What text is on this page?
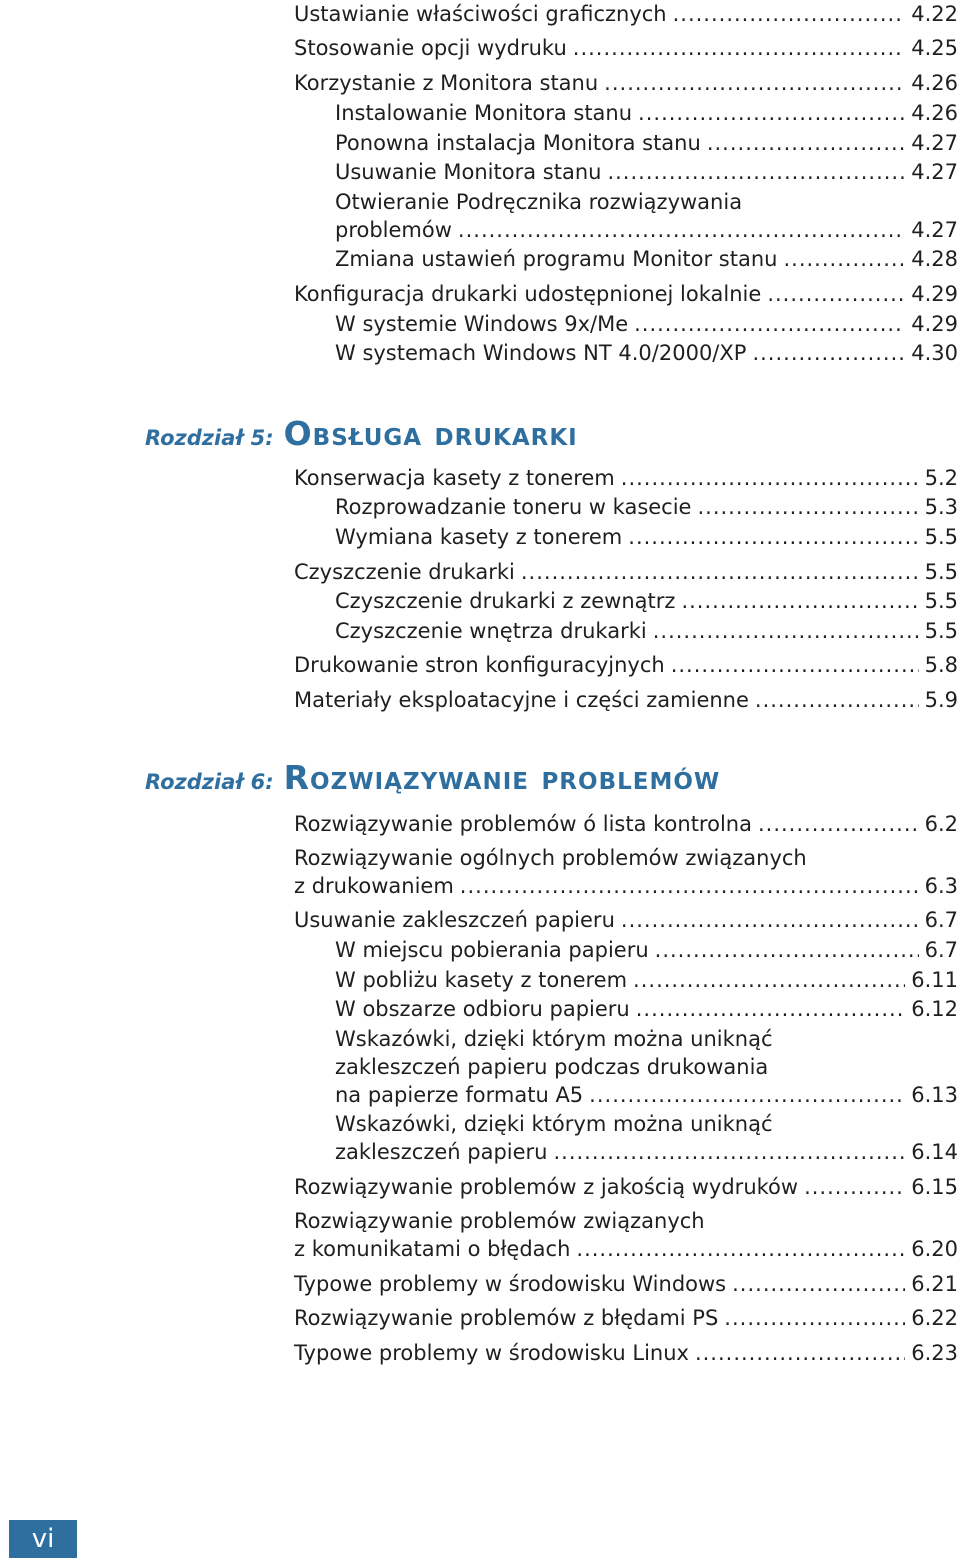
Ustawianie właściwości graficznych .....	4.22
Stosowanie opcji wydruku .....	4.25
Korzystanie z Monitora stanu .....	4.26
Instalowanie Monitora stanu .....	4.26
Ponowna instalacja Monitora stanu .....	4.27
Usuwanie Monitora stanu .....	4.27
Otwieranie Podręcznika rozwiązywania
problemów .....	4.27
Zmiana ustawień programu Monitor stanu .....	4.28
Konfiguracja drukarki udostępnionej lokalnie .....	4.29
W systemie Windows 9x/Me .....	4.29
W systemach Windows NT 4.0/2000/XP .....	4.30
Rozdział 5: Obsługa drukarki
Konserwacja kasety z tonerem .....	5.2
Rozprowadzanie toneru w kasecie .....	5.3
Wymiana kasety z tonerem .....	5.5
Czyszczenie drukarki .....	5.5
Czyszczenie drukarki z zewnątrz .....	5.5
Czyszczenie wnętrza drukarki .....	5.5
Drukowanie stron konfiguracyjnych .....	5.8
Materiały eksploatacyjne i części zamienne .....	5.9
Rozdział 6: Rozwiązywanie problemów
Rozwiązywanie problemów ó lista kontrolna .....	6.2
Rozwiązywanie ogólnych problemów związanych
z drukowaniem .....	6.3
Usuwanie zakleszczeń papieru .....	6.7
W miejscu pobierania papieru .....	6.7
W pobliżu kasety z tonerem .....	6.11
W obszarze odbioru papieru .....	6.12
Wskazówki, dzięki którym można uniknąć
zakleszczeń papieru podczas drukowania
na papierze formatu A5 .....	6.13
Wskazówki, dzięki którym można uniknąć
zakleszczeń papieru .....	6.14
Rozwiązywanie problemów z jakością wydruków .....	6.15
Rozwiązywanie problemów związanych
z komunikatami o błędach .....	6.20
Typowe problemy w środowisku Windows .....	6.21
Rozwiązywanie problemów z błędami PS .....	6.22
Typowe problemy w środowisku Linux .....	6.23
vi
